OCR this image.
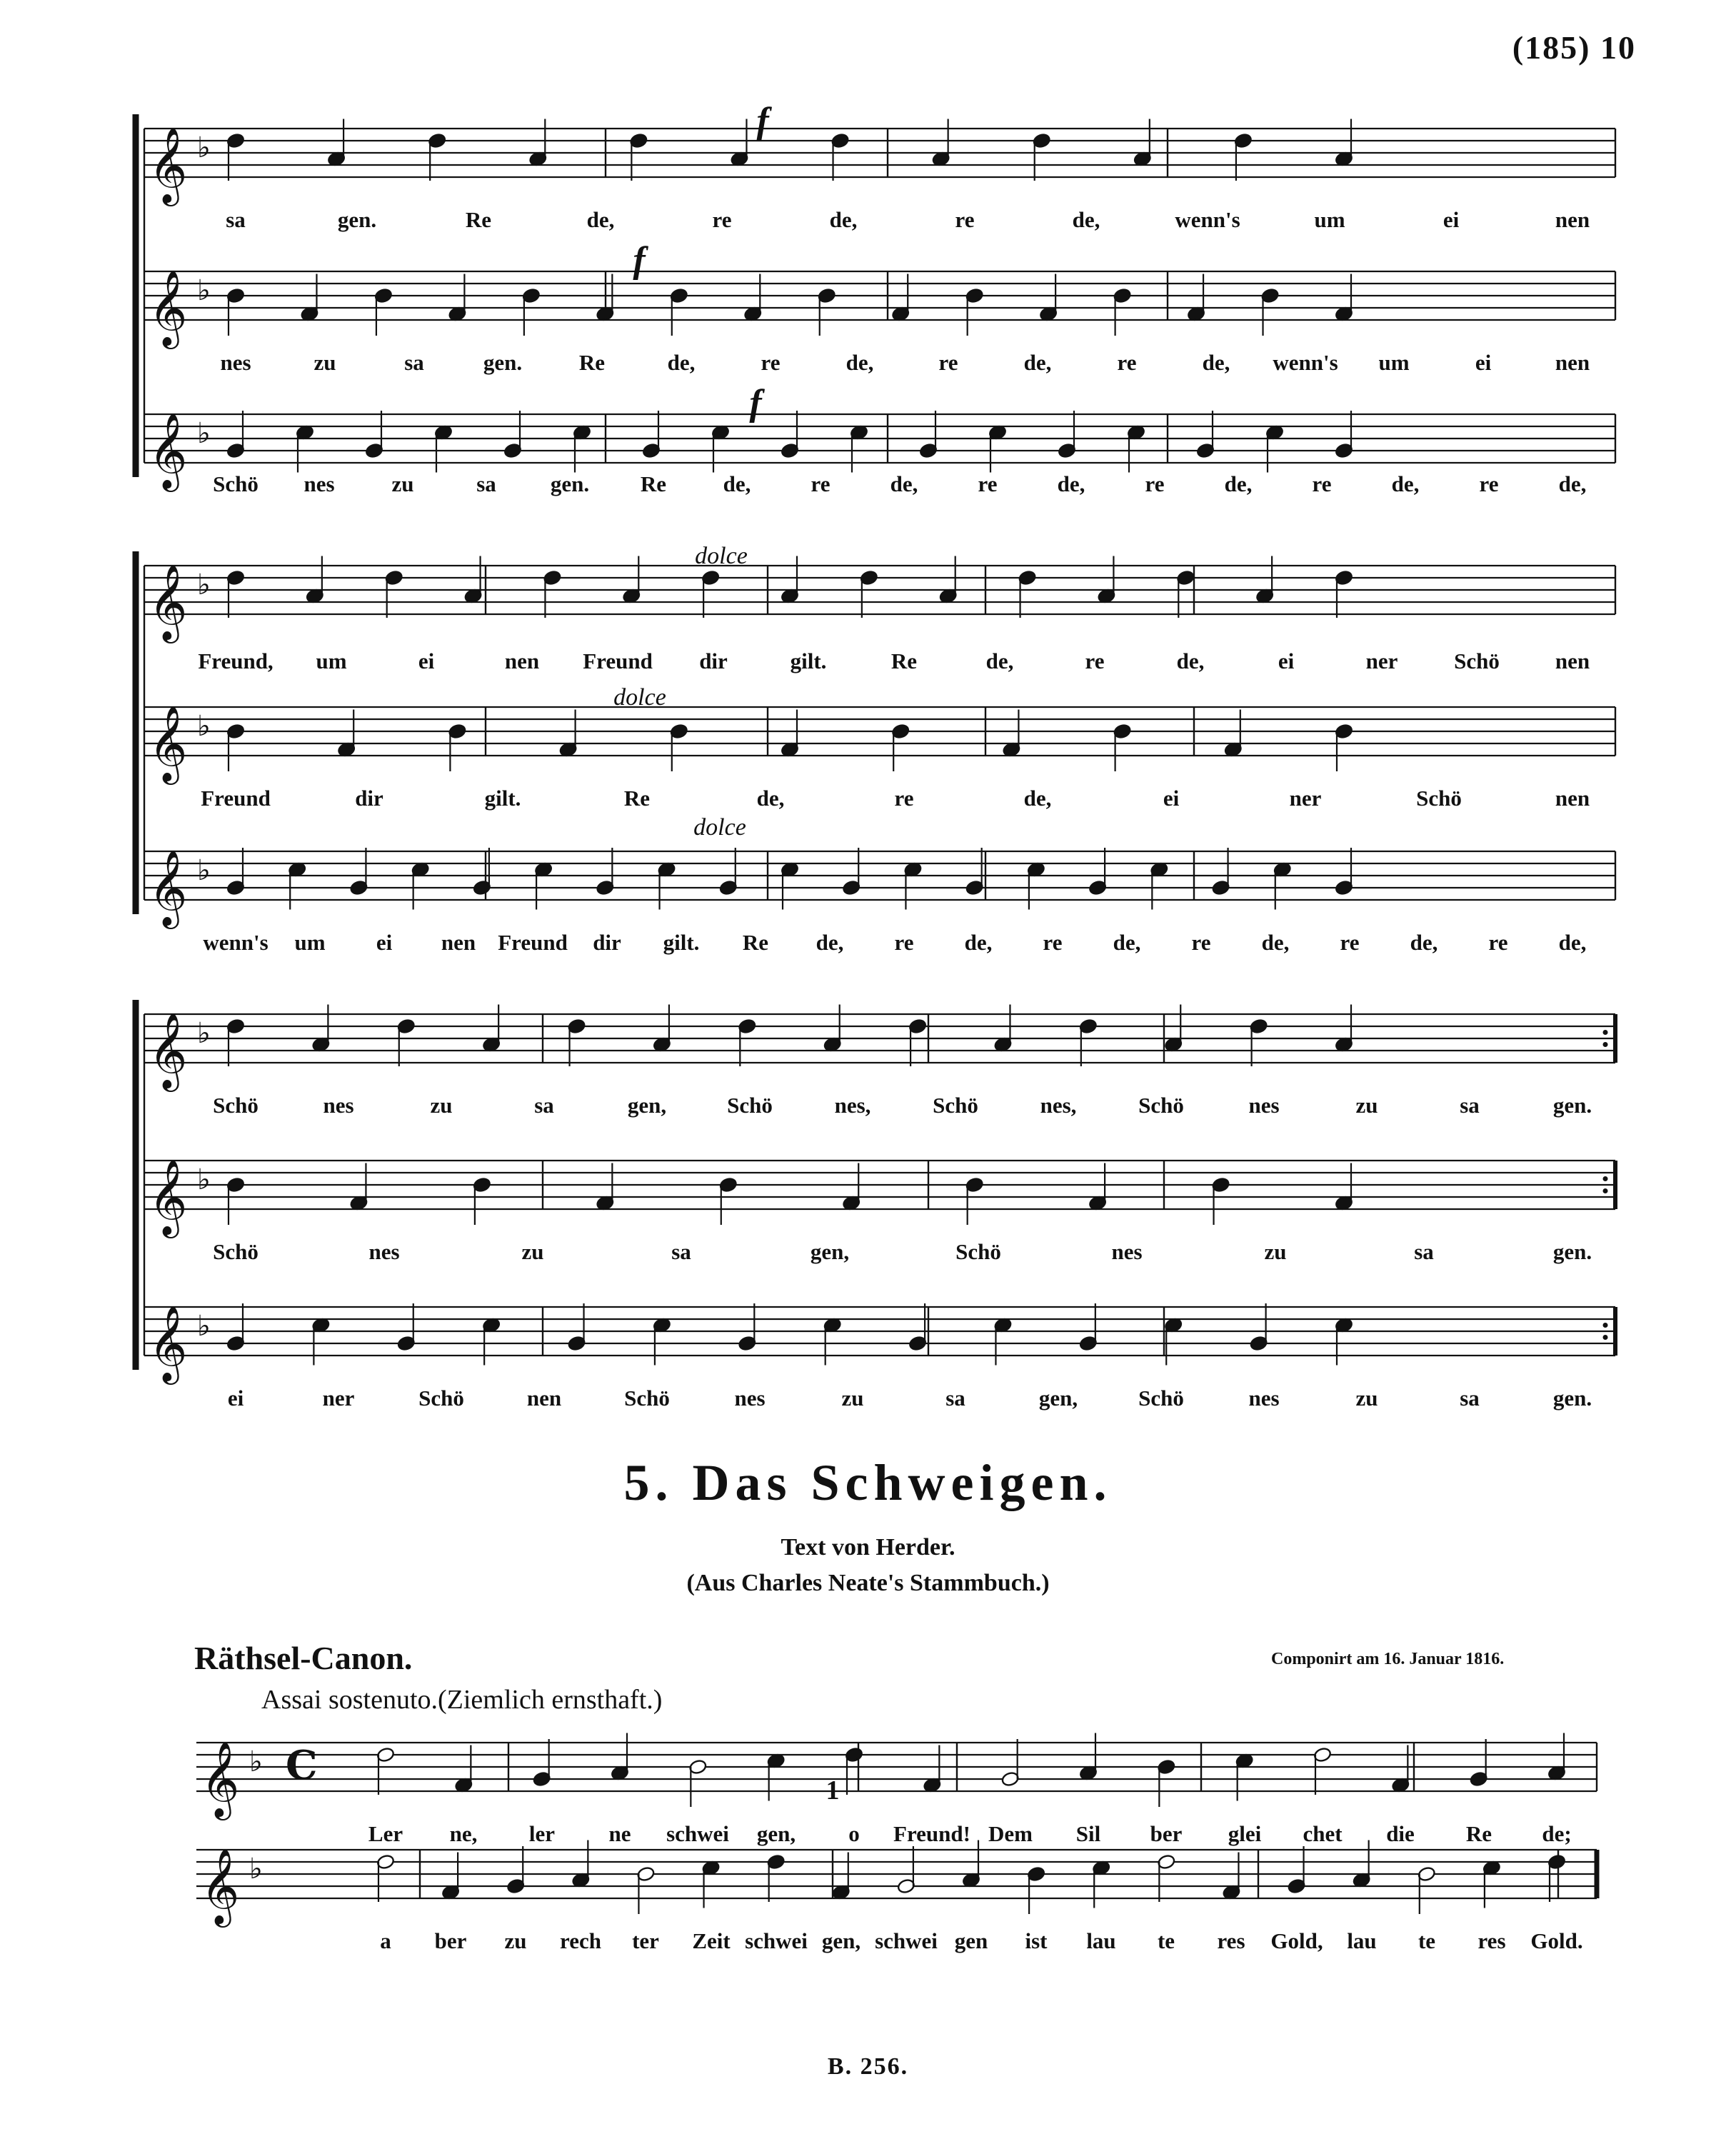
(185) 10
𝄞 ♭
𝄞 ♭
𝄞 ♭
𝄞 ♭
𝄞 ♭
𝄞 ♭
𝄞 ♭
𝄞 ♭
𝄞 ♭
𝄞 ♭ C
𝄞 ♭
sa	gen.	Re	de,	re	de,	re	de,	wenn's	um	ei	nen
nes	zu	sa	gen.	Re	de,	re	de,	re	de,	re	de, wenn's um	ei	nen
Schö nes	zu	sa gen. Re	de,	re	de,	re	de,	re	de,	re	de,	re	de,
f
f
f
Freund, um	ei	nen Freund dir	gilt.	Re	de,	re	de,	ei	ner	Schö	nen
Freund	dir	gilt.	Re	de,	re	de,	ei	ner	Schö	nen
wenn's um ei nen Freund dir gilt. Re de, re de, re de, re de, re de, re de,
dolce
dolce
dolce
Schö	nes	zu	sa	gen,	Schö	nes,	Schö	nes,	Schö	nes	zu	sa	gen.
Schö	nes	zu	sa	gen,	Schö	nes	zu	sa	gen.
ei	ner	Schö	nen	Schö	nes	zu	sa	gen,	Schö	nes	zu	sa	gen.
Ler ne, ler ne schwei gen, o Freund! Dem Sil ber glei chet die Re de;
a ber zu rech ter Zeit schwei gen, schwei gen ist lau te res Gold, lau te res Gold.
5. Das Schweigen.
Text von Herder.
(Aus Charles Neate's Stammbuch.)
Räthsel-Canon.	Componirt am 16. Januar 1816.
Assai sostenuto.(Ziemlich ernsthaft.)
1
B. 256.
